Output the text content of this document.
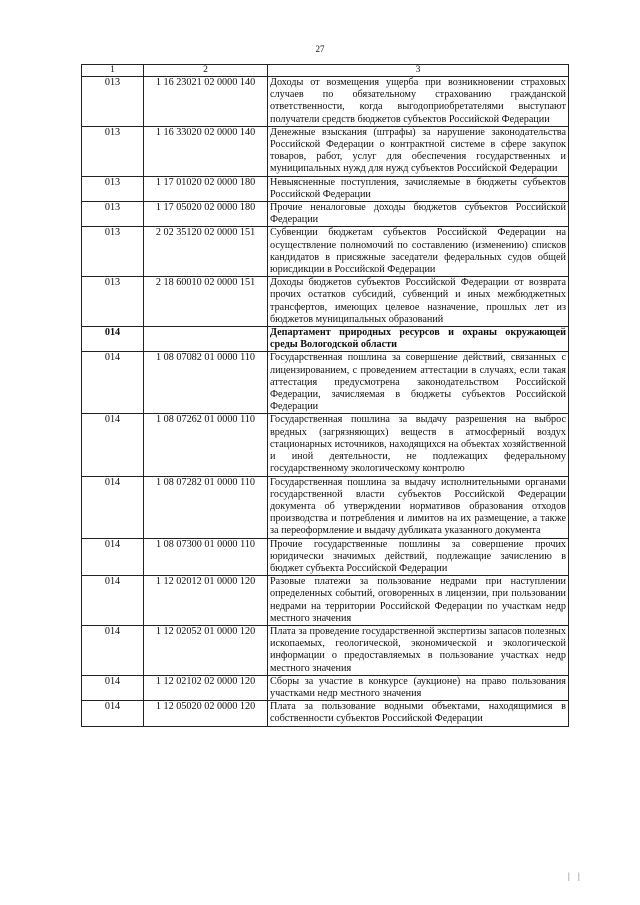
27
1	2	3
013	1 16 23021 02 0000 140	Доходы от возмещения ущерба при возникновении страховых случаев по обязательному страхованию гражданской ответственности, когда выгодоприобретателями выступают получатели средств бюджетов субъектов Российской Федерации
013	1 16 33020 02 0000 140	Денежные взыскания (штрафы) за нарушение законодательства Российской Федерации о контрактной системе в сфере закупок товаров, работ, услуг для обеспечения государственных и муниципальных нужд для нужд субъектов Российской Федерации
013	1 17 01020 02 0000 180	Невыясненные поступления, зачисляемые в бюджеты субъектов Российской Федерации
013	1 17 05020 02 0000 180	Прочие неналоговые доходы бюджетов субъектов Российской Федерации
013	2 02 35120 02 0000 151	Субвенции бюджетам субъектов Российской Федерации на осуществление полномочий по составлению (изменению) списков кандидатов в присяжные заседатели федеральных судов общей юрисдикции в Российской Федерации
013	2 18 60010 02 0000 151	Доходы бюджетов субъектов Российской Федерации от возврата прочих остатков субсидий, субвенций и иных межбюджетных трансфертов, имеющих целевое назначение, прошлых лет из бюджетов муниципальных образований
014		Департамент природных ресурсов и охраны окружающей среды Вологодской области
014	1 08 07082 01 0000 110	Государственная пошлина за совершение действий, связанных с лицензированием, с проведением аттестации в случаях, если такая аттестация предусмотрена законодательством Российской Федерации, зачисляемая в бюджеты субъектов Российской Федерации
014	1 08 07262 01 0000 110	Государственная пошлина за выдачу разрешения на выброс вредных (загрязняющих) веществ в атмосферный воздух стационарных источников, находящихся на объектах хозяйственной и иной деятельности, не подлежащих федеральному государственному экологическому контролю
014	1 08 07282 01 0000 110	Государственная пошлина за выдачу исполнительными органами государственной власти субъектов Российской Федерации документа об утверждении нормативов образования отходов производства и потребления и лимитов на их размещение, а также за переоформление и выдачу дубликата указанного документа
014	1 08 07300 01 0000 110	Прочие государственные пошлины за совершение прочих юридически значимых действий, подлежащие зачислению в бюджет субъекта Российской Федерации
014	1 12 02012 01 0000 120	Разовые платежи за пользование недрами при наступлении определенных событий, оговоренных в лицензии, при пользовании недрами на территории Российской Федерации по участкам недр местного значения
014	1 12 02052 01 0000 120	Плата за проведение государственной экспертизы запасов полезных ископаемых, геологической, экономической и экологической информации о предоставляемых в пользование участках недр местного значения
014	1 12 02102 02 0000 120	Сборы за участие в конкурсе (аукционе) на право пользования участками недр местного значения
014	1 12 05020 02 0000 120	Плата за пользование водными объектами, находящимися в собственности субъектов Российской Федерации
| |
